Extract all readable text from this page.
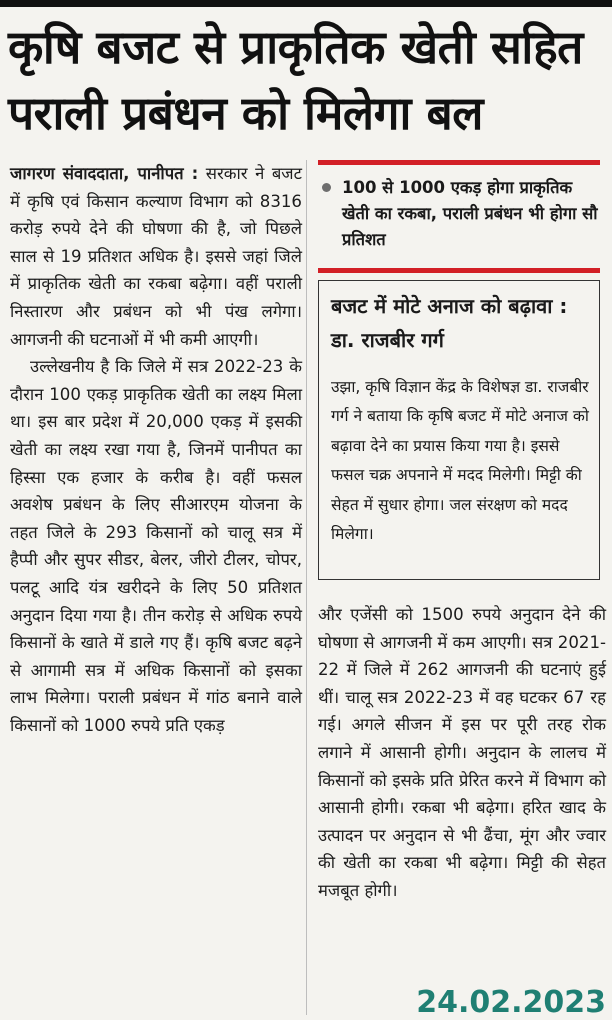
कृषि बजट से प्राकृतिक खेती सहित
पराली प्रबंधन को मिलेगा बल

जागरण संवाददाता, पानीपत : सरकार ने बजट में कृषि एवं किसान कल्याण विभाग को 8316 करोड़ रुपये देने की घोषणा की है, जो पिछले साल से 19 प्रतिशत अधिक है। इससे जहां जिले में प्राकृतिक खेती का रकबा बढ़ेगा। वहीं पराली निस्तारण और प्रबंधन को भी पंख लगेगा। आगजनी की घटनाओं में भी कमी आएगी।

उल्लेखनीय है कि जिले में सत्र 2022-23 के दौरान 100 एकड़ प्राकृतिक खेती का लक्ष्य मिला था। इस बार प्रदेश में 20,000 एकड़ में इसकी खेती का लक्ष्य रखा गया है, जिनमें पानीपत का हिस्सा एक हजार के करीब है। वहीं फसल अवशेष प्रबंधन के लिए सीआरएम योजना के तहत जिले के 293 किसानों को चालू सत्र में हैप्पी और सुपर सीडर, बेलर, जीरो टीलर, चोपर, पलटू आदि यंत्र खरीदने के लिए 50 प्रतिशत अनुदान दिया गया है। तीन करोड़ से अधिक रुपये किसानों के खाते में डाले गए हैं। कृषि बजट बढ़ने से आगामी सत्र में अधिक किसानों को इसका लाभ मिलेगा। पराली प्रबंधन में गांठ बनाने वाले किसानों को 1000 रुपये प्रति एकड़

100 से 1000 एकड़ होगा प्राकृतिक खेती का रकबा, पराली प्रबंधन भी होगा सौ प्रतिशत
बजट में मोटे अनाज को बढ़ावा : डा. राजबीर गर्ग
उझा, कृषि विज्ञान केंद्र के विशेषज्ञ डा. राजबीर गर्ग ने बताया कि कृषि बजट में मोटे अनाज को बढ़ावा देने का प्रयास किया गया है। इससे फसल चक्र अपनाने में मदद मिलेगी। मिट्टी की सेहत में सुधार होगा। जल संरक्षण को मदद मिलेगा।

और एजेंसी को 1500 रुपये अनुदान देने की घोषणा से आगजनी में कम आएगी। सत्र 2021-22 में जिले में 262 आगजनी की घटनाएं हुई थीं। चालू सत्र 2022-23 में वह घटकर 67 रह गई। अगले सीजन में इस पर पूरी तरह रोक लगाने में आसानी होगी। अनुदान के लालच में किसानों को इसके प्रति प्रेरित करने में विभाग को आसानी होगी। रकबा भी बढ़ेगा। हरित खाद के उत्पादन पर अनुदान से भी ढैंचा, मूंग और ज्वार की खेती का रकबा भी बढ़ेगा। मिट्टी की सेहत मजबूत होगी।

24.02.2023
